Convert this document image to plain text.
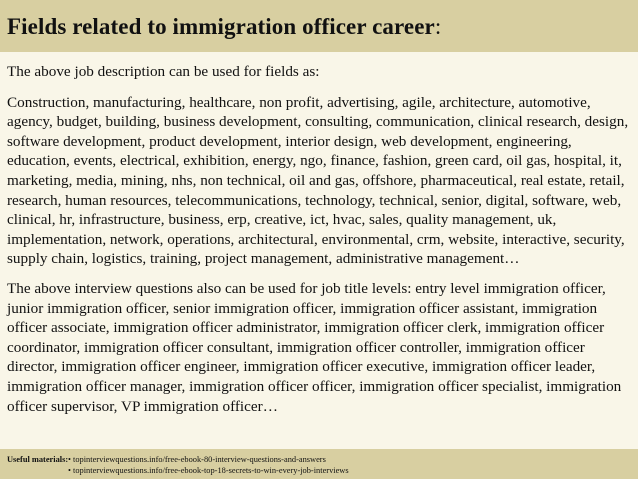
Fields related to immigration officer career:

The above job description can be used for fields as:

Construction, manufacturing, healthcare, non profit, advertising, agile, architecture, automotive, agency, budget, building, business development, consulting, communication, clinical research, design, software development, product development, interior design, web development, engineering, education, events, electrical, exhibition, energy, ngo, finance, fashion, green card, oil gas, hospital, it, marketing, media, mining, nhs, non technical, oil and gas, offshore, pharmaceutical, real estate, retail, research, human resources, telecommunications, technology, technical, senior, digital, software, web, clinical, hr, infrastructure, business, erp, creative, ict, hvac, sales, quality management, uk, implementation, network, operations, architectural, environmental, crm, website, interactive, security, supply chain, logistics, training, project management, administrative management…

The above interview questions also can be used for job title levels: entry level immigration officer, junior immigration officer, senior immigration officer, immigration officer assistant, immigration officer associate, immigration officer administrator, immigration officer clerk, immigration officer coordinator, immigration officer consultant, immigration officer controller, immigration officer director, immigration officer engineer, immigration officer executive, immigration officer leader, immigration officer manager, immigration officer officer, immigration officer specialist, immigration officer supervisor, VP immigration officer…

Useful materials: • topinterviewquestions.info/free-ebook-80-interview-questions-and-answers
• topinterviewquestions.info/free-ebook-top-18-secrets-to-win-every-job-interviews
